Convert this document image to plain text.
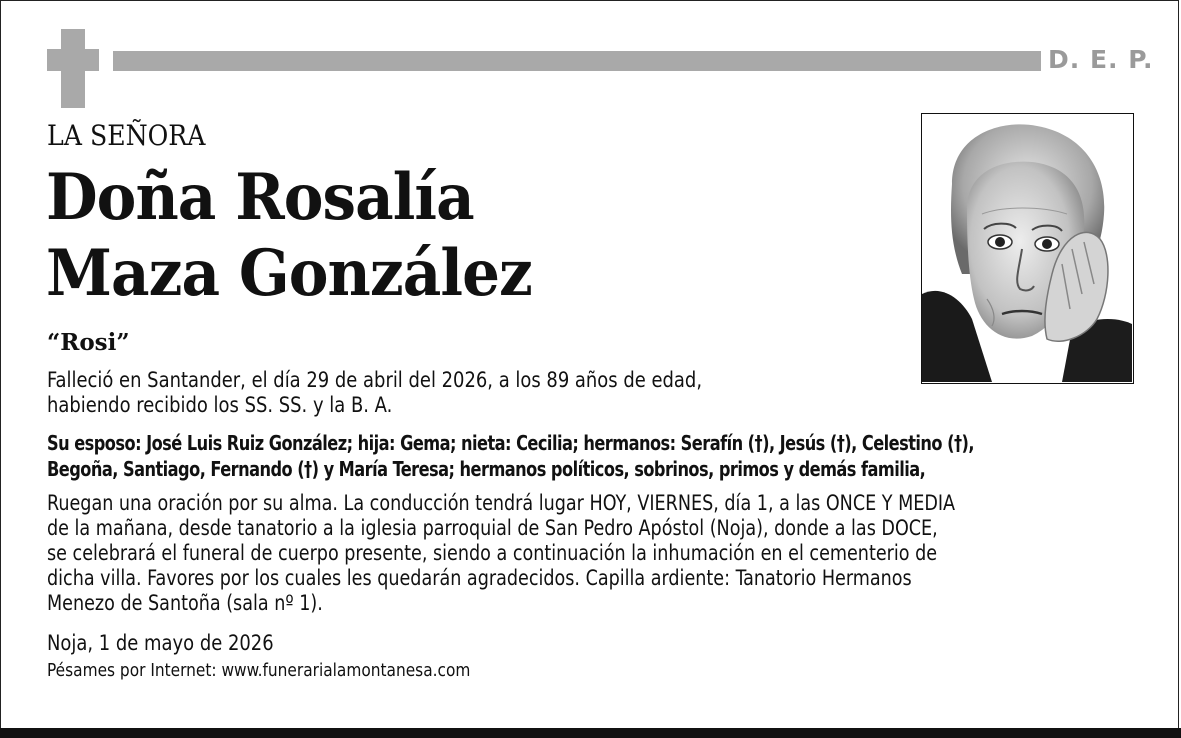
D. E. P.
LA SEÑORA
Doña Rosalía
Maza González
“Rosi”
Falleció en Santander, el día 29 de abril del 2026, a los 89 años de edad,
habiendo recibido los SS. SS. y la B. A.
Su esposo: José Luis Ruiz González; hija: Gema; nieta: Cecilia; hermanos: Serafín (†), Jesús (†), Celestino (†),
Begoña, Santiago, Fernando (†) y María Teresa; hermanos políticos, sobrinos, primos y demás familia,
Ruegan una oración por su alma. La conducción tendrá lugar HOY, VIERNES, día 1, a las ONCE Y MEDIA
de la mañana, desde tanatorio a la iglesia parroquial de San Pedro Apóstol (Noja), donde a las DOCE,
se celebrará el funeral de cuerpo presente, siendo a continuación la inhumación en el cementerio de
dicha villa. Favores por los cuales les quedarán agradecidos. Capilla ardiente: Tanatorio Hermanos
Menezo de Santoña (sala nº 1).
Noja, 1 de mayo de 2026
Pésames por Internet: www.funerarialamontanesa.com
